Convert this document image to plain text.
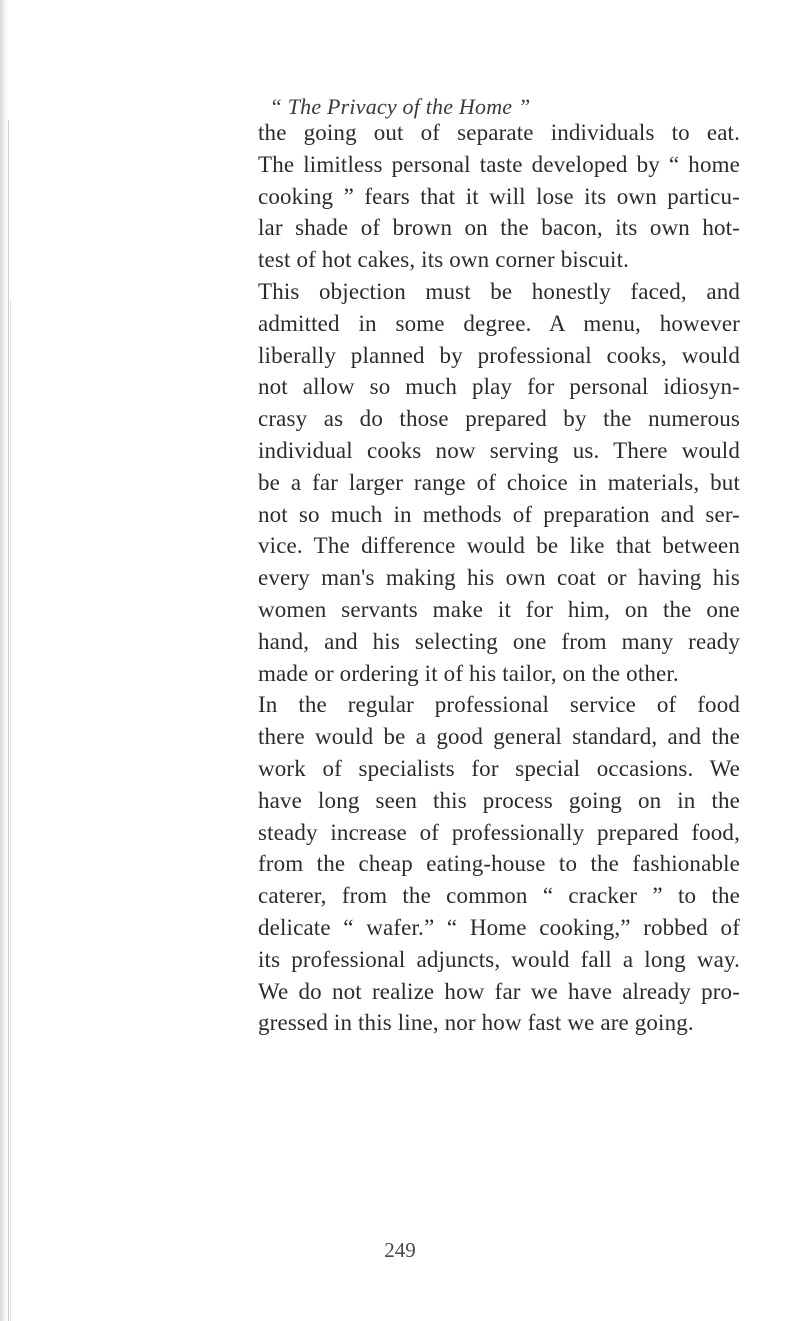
“ The Privacy of the Home ”
the going out of separate individuals to eat.
The limitless personal taste developed by “ home
cooking ” fears that it will lose its own particu-
lar shade of brown on the bacon, its own hot-
test of hot cakes, its own corner biscuit.
This objection must be honestly faced, and
admitted in some degree. A menu, however
liberally planned by professional cooks, would
not allow so much play for personal idiosyn-
crasy as do those prepared by the numerous
individual cooks now serving us. There would
be a far larger range of choice in materials, but
not so much in methods of preparation and ser-
vice. The difference would be like that between
every man's making his own coat or having his
women servants make it for him, on the one
hand, and his selecting one from many ready
made or ordering it of his tailor, on the other.
In the regular professional service of food
there would be a good general standard, and the
work of specialists for special occasions. We
have long seen this process going on in the
steady increase of professionally prepared food,
from the cheap eating-house to the fashionable
caterer, from the common “ cracker ” to the
delicate “ wafer.” “ Home cooking,” robbed of
its professional adjuncts, would fall a long way.
We do not realize how far we have already pro-
gressed in this line, nor how fast we are going.
249
